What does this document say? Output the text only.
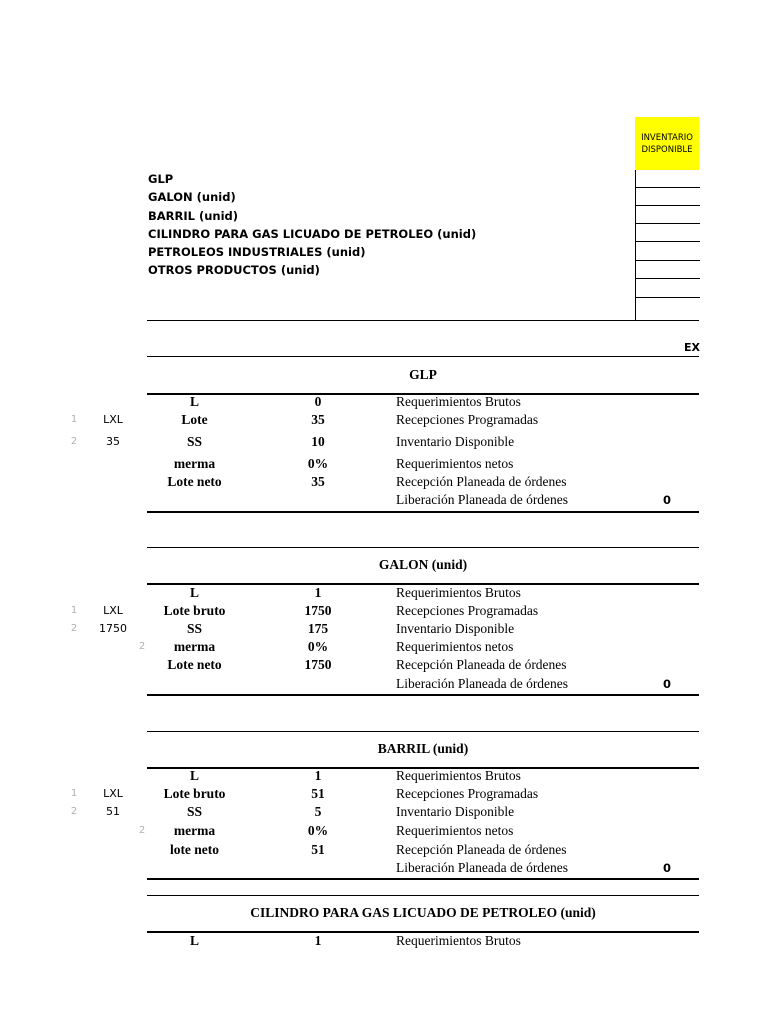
INVENTARIO DISPONIBLE
GLP
GALON (unid)
BARRIL (unid)
CILINDRO PARA GAS LICUADO DE PETROLEO (unid)
PETROLEOS INDUSTRIALES (unid)
OTROS PRODUCTOS (unid)
EX
GLP
L	0	Requerimientos Brutos
1	LXL	Lote	35	Recepciones Programadas
2	35	SS	10	Inventario Disponible
merma	0%	Requerimientos netos
Lote neto	35	Recepción Planeada de órdenes
Liberación Planeada de órdenes	0
GALON (unid)
L	1	Requerimientos Brutos
1	LXL	Lote bruto	1750	Recepciones Programadas
2	1750	SS	175	Inventario Disponible
2	merma	0%	Requerimientos netos
Lote neto	1750	Recepción Planeada de órdenes
Liberación Planeada de órdenes	0
BARRIL (unid)
L	1	Requerimientos Brutos
1	LXL	Lote bruto	51	Recepciones Programadas
2	51	SS	5	Inventario Disponible
2	merma	0%	Requerimientos netos
lote neto	51	Recepción Planeada de órdenes
Liberación Planeada de órdenes	0
CILINDRO PARA GAS LICUADO DE PETROLEO (unid)
L	1	Requerimientos Brutos
